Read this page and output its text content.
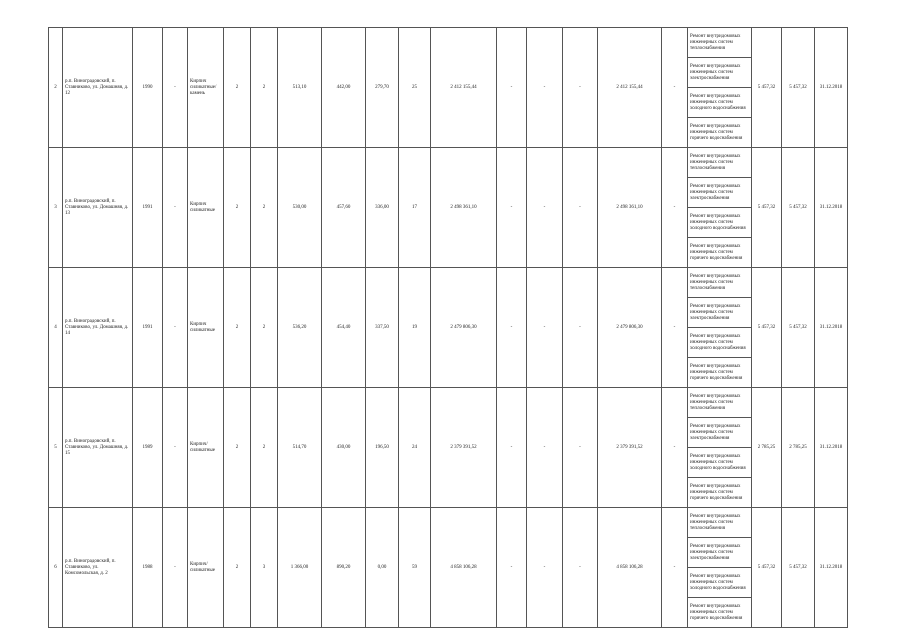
2	р.п. Виноградовский, п. Ставниково, ул. Домашняя, д. 12	1990	-	Кирпич силикатные/камень	2	2	513,10	442,00	279,70	25	2 412 155,44	-	-	-	2 412 155,44	-	Ремонт внутридомовых инженерных систем теплоснабжения	5 457,32	5 457,32	31.12.2018
																	Ремонт внутридомовых инженерных систем электроснабжения			
																	Ремонт внутридомовых инженерных систем холодного водоснабжения			
																	Ремонт внутридомовых инженерных систем горячего водоснабжения			
3	р.п. Виноградовский, п. Ставниково, ул. Домашняя, д. 13	1991	-	Кирпич силикатные	2	2	530,00	457,60	336,00	17	2 498 361,10	-	-	-	2 498 361,10	-	Ремонт внутридомовых инженерных систем теплоснабжения	5 457,32	5 457,32	31.12.2018
																	Ремонт внутридомовых инженерных систем электроснабжения			
																	Ремонт внутридомовых инженерных систем холодного водоснабжения			
																	Ремонт внутридомовых инженерных систем горячего водоснабжения			
4	р.п. Виноградовский, п. Ставниково, ул. Домашняя, д. 14	1991	-	Кирпич силикатные	2	2	536,20	454,40	337,50	19	2 479 806,30	-	-	-	2 479 806,30	-	Ремонт внутридомовых инженерных систем теплоснабжения	5 457,32	5 457,32	31.12.2018
																	Ремонт внутридомовых инженерных систем электроснабжения			
																	Ремонт внутридомовых инженерных систем холодного водоснабжения			
																	Ремонт внутридомовых инженерных систем горячего водоснабжения			
5	р.п. Виноградовский, п. Ставниково, ул. Домашняя, д. 15	1989	-	Кирпич/ силикатные	2	2	514,70	430,00	196,50	24	2 379 391,52	-	-	-	2 379 391,52	-	Ремонт внутридомовых инженерных систем теплоснабжения	2 785,25	2 785,25	31.12.2018
																	Ремонт внутридомовых инженерных систем электроснабжения			
																	Ремонт внутридомовых инженерных систем холодного водоснабжения			
																	Ремонт внутридомовых инженерных систем горячего водоснабжения			
6	р.п. Виноградовский, п. Ставниково, ул. Комсомольская, д. 2	1988	-	Кирпич/ силикатные	2	3	1 366,00	890,20	0,00	59	4 858 106,28	-	-	-	4 858 106,28	-	Ремонт внутридомовых инженерных систем теплоснабжения	5 457,32	5 457,32	31.12.2018
																	Ремонт внутридомовых инженерных систем электроснабжения			
																	Ремонт внутридомовых инженерных систем холодного водоснабжения			
																	Ремонт внутридомовых инженерных систем горячего водоснабжения			
